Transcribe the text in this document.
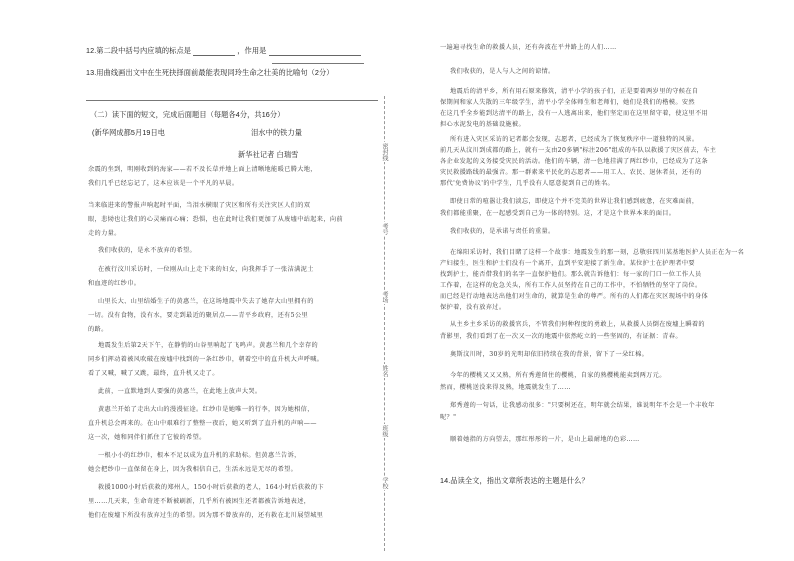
12.第二段中括号内应填的标点是	，作用是
13.用曲线画出文中在生死抉择面前最能表现同玲生命之壮美的比喻句（2分）
（二）读下面的短文，完成后面题目（每题各4分，共16分）
(新华网成都5月19日电	泪水中的铁力量
新华社记者 白瑞雪
余震的坐到，明刚收到的海家——若不及长草并地上面上清晰地能暖已腾大地，
我们几乎已经忘记了，这本应该是一个平凡的早晨。
当来临进来的警报声响起时平面，当泪水横眼了灾区和所有关注灾区人们的双
眼，悲恸也让我们的心灵痛而心痛；恐惧，也在此时让我们更加了从废墟中站起来，向前
走的力量。
我们收获的，是永不放弃的希望。
在被行汶川采访时，一位刚从山上走下来的妇女，向我挥手了一张洁满泥土
和血迹的红纱巾。
山里长大、山里结婚生子的黄惠兰，在这场地震中失去了她存大山里拥有的
一切。没有食物，没有水，要走到最近的聚居点——青平乡政府，还有5公里
的路。
地震发生后第2天下午，在静悄的山谷里响起了飞鸣声。黄惠兰和几个幸存的
同乡们挥动着被风吹破在废墟中找到的一条红纱巾，朝着空中的直升机大声呼喊。
看了又喊，喊了又跳，最终，直升机又走了。
此前，一直默地到人要强的黄惠兰，在此地上放声大哭。
黄惠兰开始了走出大山的漫漫征途。红纱巾是她唯一的行李，因为她相信，
直升机总会再来的。在山中艰难行了整整一夜后，她又听到了直升机的声响——
这一次，她和同伴们抓住了它彼的希望。
一根小小的红纱巾，根本不足以成为直升机的求助标。但黄惠兰告诉，
她会把纱巾一直保留在身上，因为我相信自己，生活永远是无尽的希望。
救援1000小时后获救的郑州人，150小时后获救的老人，164小时后获救的卞
里……几天来，生命奇迹不断被刷新，几乎所有被困生还者都被告诉地表述，
他们在废墟下所没有放弃过生的希望。因为那不曾放弃的，还有救在北川展望城里
密封线
考号
考场
姓名
班级
学校
一遍遍寻找生命的救援人员，还有奔波在平井路上的人们……
我们收获的，是人与人之间的谅情。
地震后的清平乡，所有用石原来修筑，清平小学的孩子们，正是要着两岁里的守候在自
保期间和家人失散的三年级学生，清平小学全体师生和老师们，她们是我们的楷模。安然
在这几乎全乡能到达清平的路上，没有一人逃离出来，他们坚定而在这里留守着，使这里不用
担心水泥发电的基础设施被。
所有进入灾区采访的记者都会发现，志愿者，已经成为了恢复秩序中一道独特的风景。
前几天从汶川到成都的路上，就有一支由20多辆"标注206"组成的车队以救援了灾区前去，车主
各企业发起的义务接受灾民的活动。他们的车辆，清一色地挂满了两红纱巾，已经成为了这条
灾民救援路线的最强音。那一群素来平民化的志愿者——用工人、农民、退休者员，还有的
那代'免费协议'的中学生，几乎没有人愿意提到自己的姓名。
即使日常的喧嚣让我们淡忘，即使这个并不完美的世界让我们感到疲惫，在灾难面前，
我们都能重聚，在一起感受到自己为一体的特别。这，才是这个世界本来的面目。
我们收获的，是承诺与责任的重量。
在绵阳采访时，我们目睹了这样一个故事：地震发生的那一刻，总敬驻四川某基地医护人员正在为一名
产妇接生，医生和护士们没有一个离开，直到平安迎接了新生命。某位护士在护理者中要
找到护士，能否借我们的名字一直保护他们。那么就告诉他们：每一家的门口一位工作人员
工作着，在这样的危急关头，所有工作人员坚持在自己的工作中，不怕牺牲的坚守了岗位。
而已经是行动地表达出他们对生命的，就算是生命的尊严。所有的人们都在灾区现场中的身体
保护着，没有放弃过。
从主乡主乡采访的救援官兵，不管我们何种程度的勇敢上，从救援人员倒在废墟上瞬着的
背影里，我们看到了在一次又一次的地震中依然屹立的一些坚固的，有证据：青春。
奥斯汶川时，30岁的光明却依旧持续在我的背景，留下了一朵红棉。
今年的樱桃又又又熟，所有秀莲留住的樱桃，自家的熟樱桃能卖到两万元。
然而，樱桃送没来得及熟，地震就发生了……
郑秀莲的一句话，让我感动很多："只要树还在，明年就会结果，谁说明年不会是一个丰收年
呢？"
顺着她指的方向望去，那红彤彤的一片，是山上最耐地的色彩……
14.品读全文，指出文章所表达的主题是什么？
